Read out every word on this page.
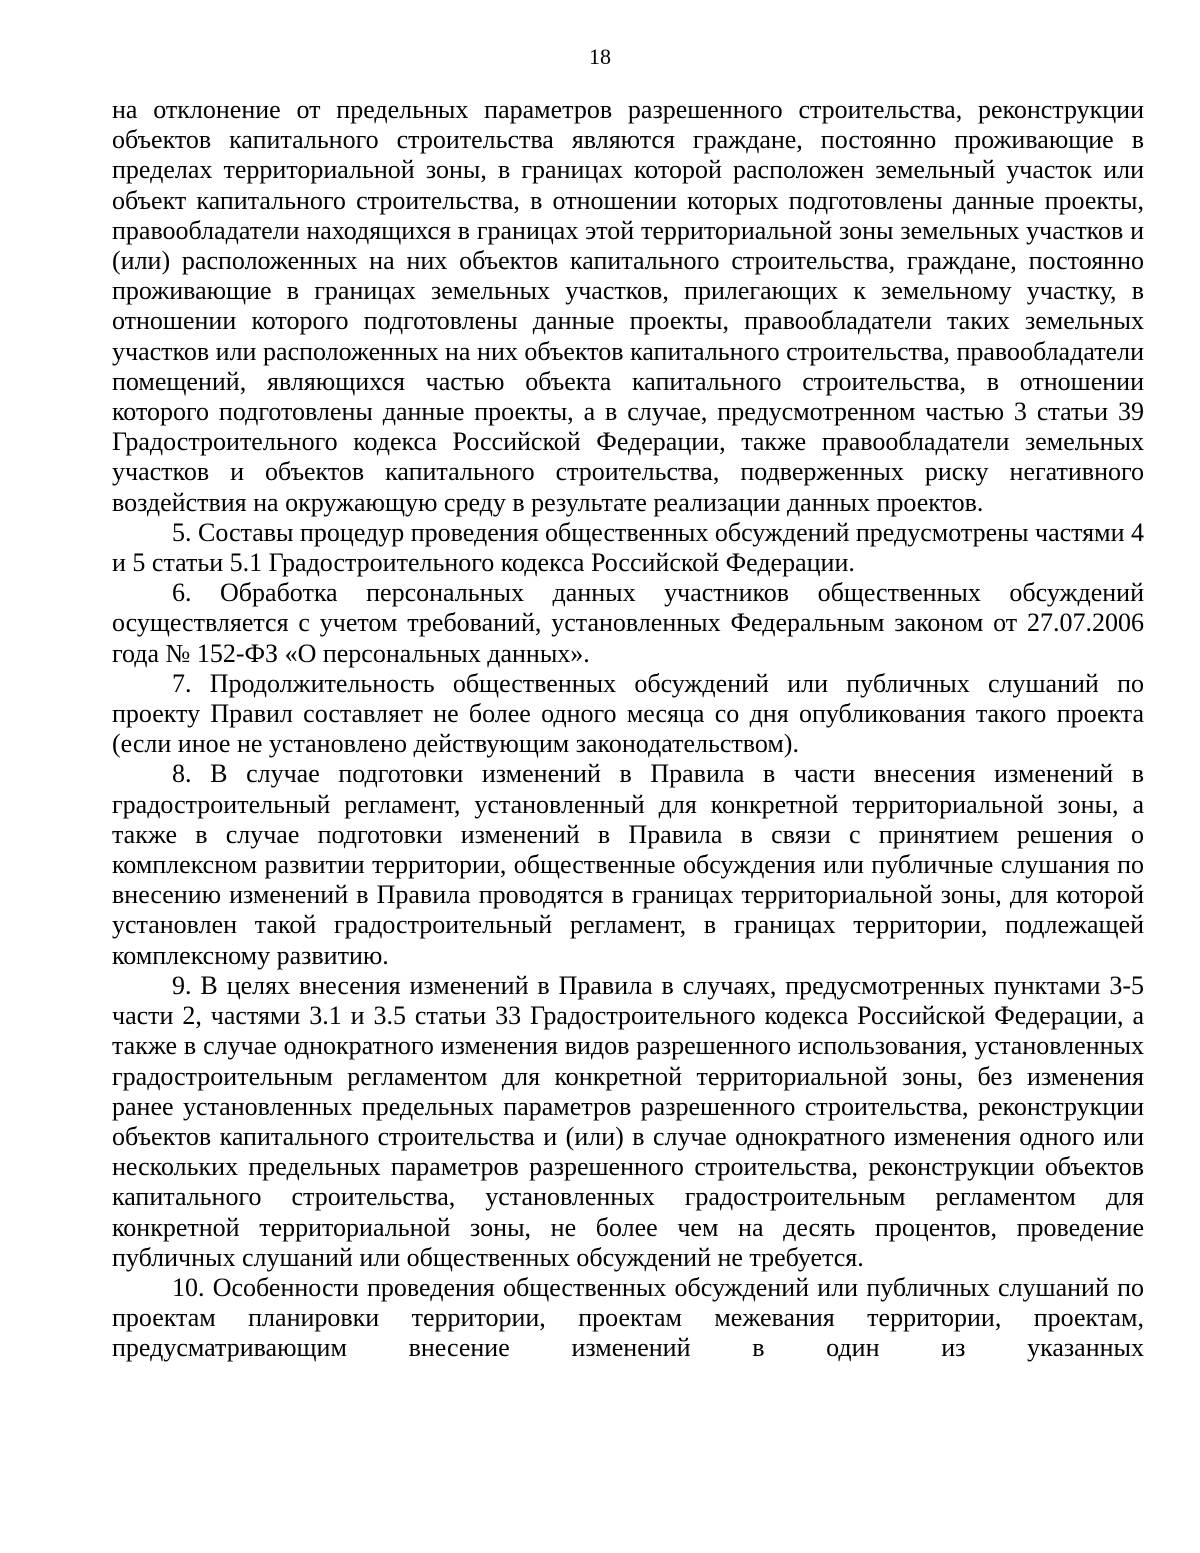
18

на отклонение от предельных параметров разрешенного строительства, реконструкции объектов капитального строительства являются граждане, постоянно проживающие в пределах территориальной зоны, в границах которой расположен земельный участок или объект капитального строительства, в отношении которых подготовлены данные проекты, правообладатели находящихся в границах этой территориальной зоны земельных участков и (или) расположенных на них объектов капитального строительства, граждане, постоянно проживающие в границах земельных участков, прилегающих к земельному участку, в отношении которого подготовлены данные проекты, правообладатели таких земельных участков или расположенных на них объектов капитального строительства, правообладатели помещений, являющихся частью объекта капитального строительства, в отношении которого подготовлены данные проекты, а в случае, предусмотренном частью 3 статьи 39 Градостроительного кодекса Российской Федерации, также правообладатели земельных участков и объектов капитального строительства, подверженных риску негативного воздействия на окружающую среду в результате реализации данных проектов.

5. Составы процедур проведения общественных обсуждений предусмотрены частями 4 и 5 статьи 5.1 Градостроительного кодекса Российской Федерации.

6. Обработка персональных данных участников общественных обсуждений осуществляется с учетом требований, установленных Федеральным законом от 27.07.2006 года № 152-ФЗ «О персональных данных».

7. Продолжительность общественных обсуждений или публичных слушаний по проекту Правил составляет не более одного месяца со дня опубликования такого проекта (если иное не установлено действующим законодательством).

8. В случае подготовки изменений в Правила в части внесения изменений в градостроительный регламент, установленный для конкретной территориальной зоны, а также в случае подготовки изменений в Правила в связи с принятием решения о комплексном развитии территории, общественные обсуждения или публичные слушания по внесению изменений в Правила проводятся в границах территориальной зоны, для которой установлен такой градостроительный регламент, в границах территории, подлежащей комплексному развитию.

9. В целях внесения изменений в Правила в случаях, предусмотренных пунктами 3-5 части 2, частями 3.1 и 3.5 статьи 33 Градостроительного кодекса Российской Федерации, а также в случае однократного изменения видов разрешенного использования, установленных градостроительным регламентом для конкретной территориальной зоны, без изменения ранее установленных предельных параметров разрешенного строительства, реконструкции объектов капитального строительства и (или) в случае однократного изменения одного или нескольких предельных параметров разрешенного строительства, реконструкции объектов капитального строительства, установленных градостроительным регламентом для конкретной территориальной зоны, не более чем на десять процентов, проведение публичных слушаний или общественных обсуждений не требуется.

10. Особенности проведения общественных обсуждений или публичных слушаний по проектам планировки территории, проектам межевания территории, проектам, предусматривающим внесение изменений в один из указанных
